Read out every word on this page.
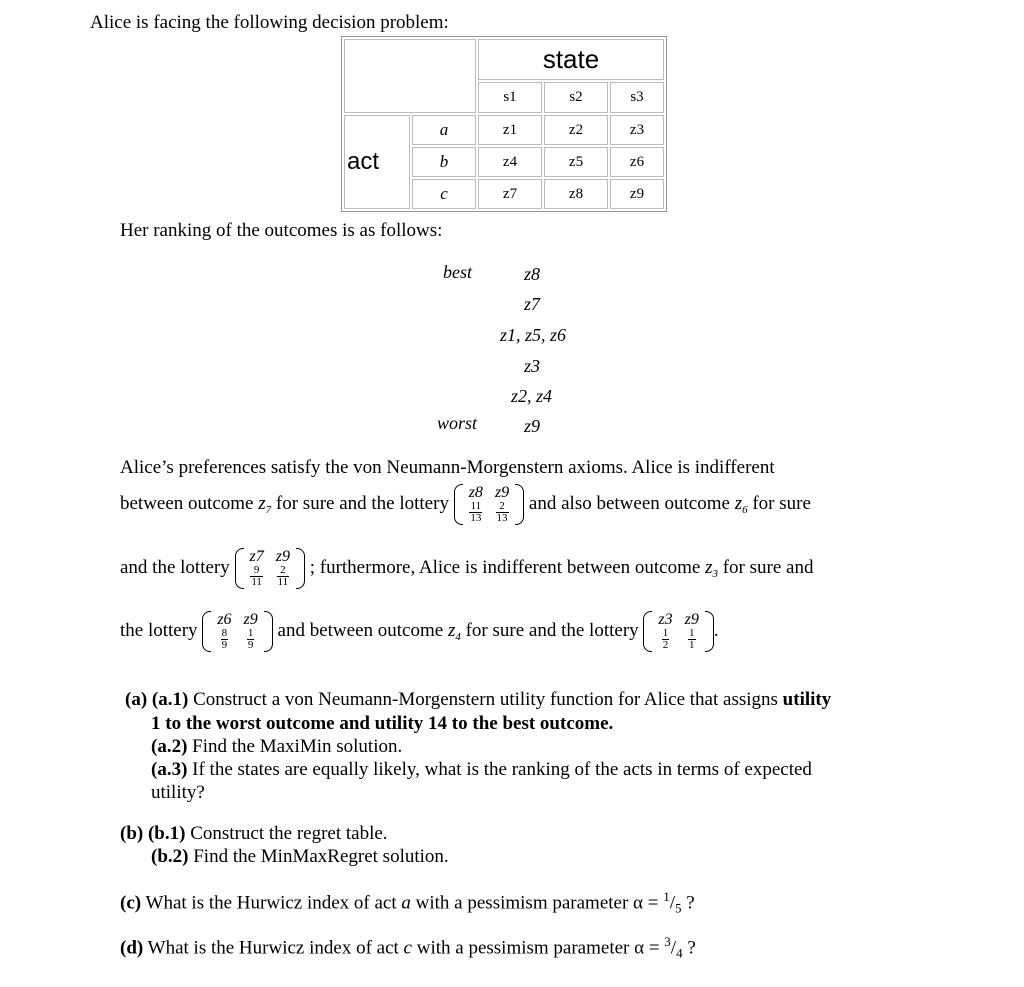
Alice is facing the following decision problem:
		state		
		s1	s2	s3
act	a	z1	z2	z3
	b	z4	z5	z6
	c	z7	z8	z9
Her ranking of the outcomes is as follows:
best
worst
z8
z7
z1, z5, z6
z3
z2, z4
z9
Alice’s preferences satisfy the von Neumann-Morgenstern axioms. Alice is indifferent
between outcome $z_7$ for sure and the lottery
z8	z9

$\frac{11}{13}$	$\frac{2}{13}$ and also between outcome $z_6$ for sure
and the lottery
z7	z9

$\frac{9}{11}$	$\frac{2}{11}$ ; furthermore, Alice is indifferent between outcome $z_3$ for sure and
the lottery
z6	z9

$\frac{8}{9}$	$\frac{1}{9}$ and between outcome $z_4$ for sure and the lottery
z3	z9

$\frac{1}{2}$	$\frac{1}{1}$ .
(a) (a.1) Construct a von Neumann-Morgenstern utility function for Alice that assigns utility
1 to the worst outcome and utility 14 to the best outcome.
(a.2) Find the MaxiMin solution.
(a.3) If the states are equally likely, what is the ranking of the acts in terms of expected
utility?
(b) (b.1) Construct the regret table.
(b.2) Find the MinMaxRegret solution.
(c) What is the Hurwicz index of act a with a pessimism parameter $\alpha = ^1/_5$ ?
(d) What is the Hurwicz index of act c with a pessimism parameter $\alpha = ^3/_4$ ?
